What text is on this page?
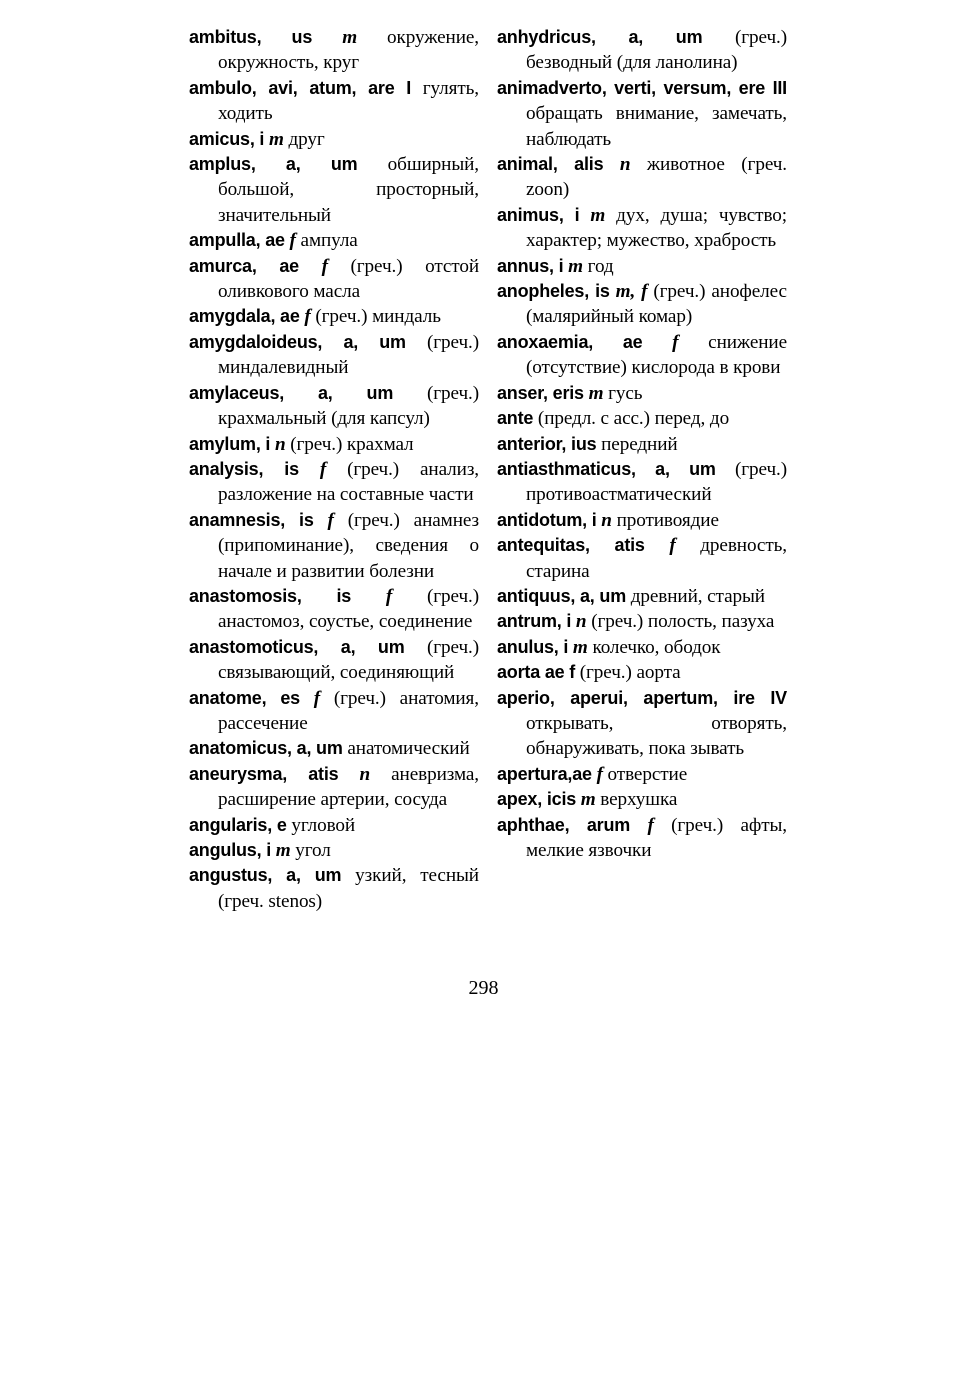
ambitus, us m окружение, окружность, круг

ambulo, avi, atum, are I гулять, ходить

amicus, i m друг

amplus, a, um обширный, большой, просторный, значительный

ampulla, ae f ампула

amurca, ae f (греч.) отстой оливкового масла

amygdala, ae f (греч.) миндаль

amygdaloideus, a, um (греч.) миндалевидный

amylaceus, a, um (греч.) крахмальный (для капсул)

amylum, i n (греч.) крахмал

analysis, is f (греч.) анализ, разложение на составные части

anamnesis, is f (греч.) анамнез (припоминание), сведения о начале и развитии болезни

anastomosis, is f (греч.) анастомоз, соустье, соединение

anastomoticus, a, um (греч.) связывающий, соединяющий

anatome, es f (греч.) анатомия, рассечение

anatomicus, a, um анатомический

aneurysma, atis n аневризма, расширение артерии, сосуда

angularis, e угловой

angulus, i m угол

angustus, a, um узкий, тесный (греч. stenos)

anhydricus, a, um (греч.) безводный (для ланолина)

animadverto, verti, versum, ere III обращать внимание, замечать, наблюдать

animal, alis n животное (греч. zoon)

animus, i m дух, душа; чувство; характер; мужество, храбрость

annus, i m год

anopheles, is m, f (греч.) анофелес (малярийный комар)

anoxaemia, ae f снижение (отсутствие) кислорода в крови

anser, eris m гусь

ante (предл. с acc.) перед, до

anterior, ius передний

antiasthmaticus, a, um (греч.) противоастматический

antidotum, i n противоядие

antequitas, atis f древность, старина

antiquus, a, um древний, старый

antrum, i n (греч.) полость, пазуха

anulus, i m колечко, ободок

aorta ae f (греч.) аорта

aperio, aperui, apertum, ire IV открывать, отворять, обнаруживать, пока зывать

apertura,ae f отверстие

apex, icis m верхушка

aphthae, arum f (греч.) афты, мелкие язвочки

298
